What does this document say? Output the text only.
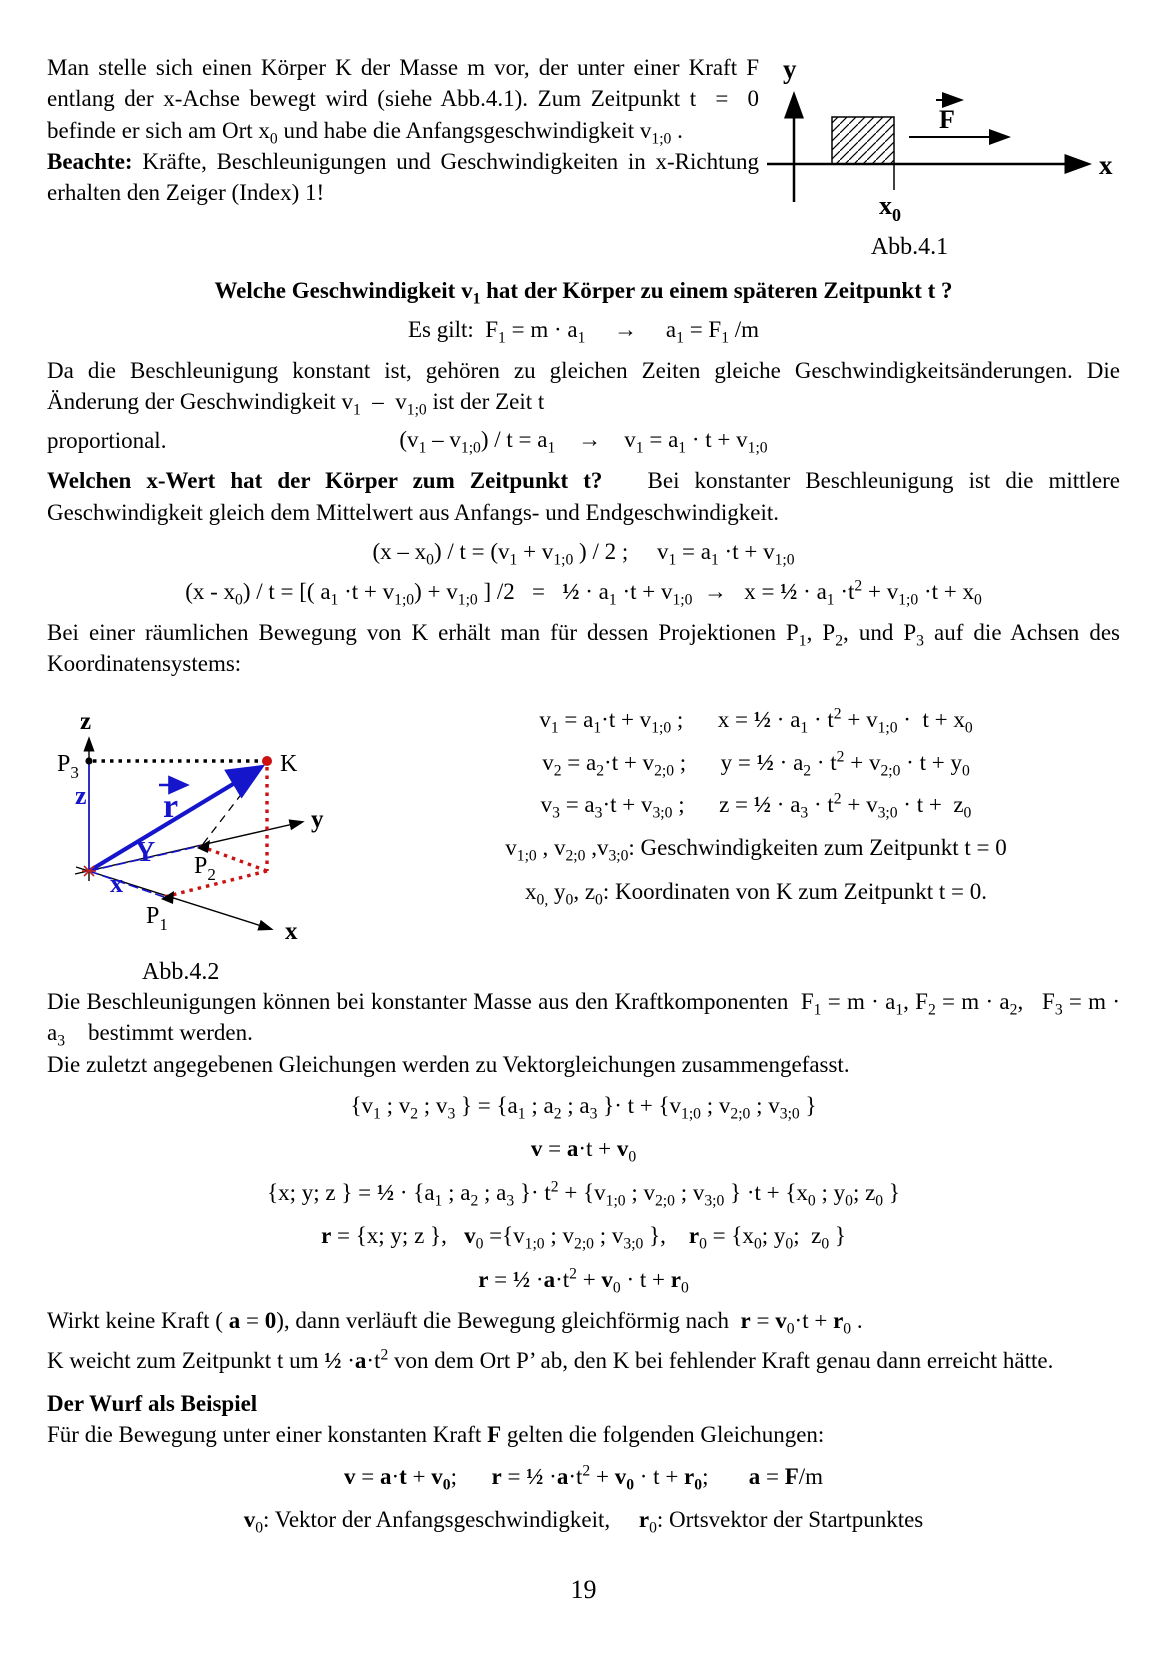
Man stelle sich einen Körper K der Masse m vor, der unter einer Kraft F entlang der x-Achse bewegt wird (siehe Abb.4.1). Zum Zeitpunkt t  =  0 befinde er sich am Ort $x_0$ und habe die Anfangsgeschwindigkeit $v_{1;0}$ .

Beachte: Kräfte, Beschleunigungen und Geschwindigkeiten in x-Richtung erhalten den Zeiger (Index) 1!

y
x
$x_0$
F
Abb.4.1

Welche Geschwindigkeit $v_1$ hat der Körper zu einem späteren Zeitpunkt t ?

Es gilt:  $F_1 = m \cdot a_1$     →     $a_1 = F_1$ /m

Da die Beschleunigung konstant ist, gehören zu gleichen Zeiten gleiche Geschwindigkeitsänderungen. Die Änderung der Geschwindigkeit $v_1 - v_{1;0}$ ist der Zeit t

proportional.	$(v_1 - v_{1;0}) / t = a_1$    →    $v_1 = a_1 \cdot t + v_{1;0}$

Welchen x-Wert hat der Körper zum Zeitpunkt t?   Bei konstanter Beschleunigung ist die mittlere Geschwindigkeit gleich dem Mittelwert aus Anfangs- und Endgeschwindigkeit.

$(x - x_0) / t = (v_1 + v_{1;0}$ ) / 2 ;     $v_1 = a_1 \cdot t + v_{1;0}$

$(x - x_0)$ / t = [( $a_1 \cdot t + v_{1;0}) + v_{1;0}$ ] /2   =   ½ · $a_1 \cdot t + v_{1;0} \to x$ = ½ · $a_1 \cdot t^2 + v_{1;0} \cdot t + x_0$

Bei einer räumlichen Bewegung von K erhält man für dessen Projektionen $P_1$, $P_2$, und $P_3$ auf die Achsen des Koordinatensystems:

z
y
x
K
$P_3$
$P_2$
$P_1$
z r
Y
x
Abb.4.2

$v_1 = a_1\cdot t + v_{1;0}$ ;      x = ½ · $a_1 \cdot t^2 + v_{1;0} \cdot t + x_0$

$v_2 = a_2\cdot t + v_{2;0}$ ;      y = ½ · $a_2 \cdot t^2 + v_{2;0} \cdot t + y_0$

$v_3 = a_3\cdot t + v_{3;0}$ ;      z = ½ · $a_3 \cdot t^2 + v_{3;0} \cdot t + z_0$

$v_{1;0}$ , $v_{2;0}$ $,v_{3;0}$: Geschwindigkeiten zum Zeitpunkt t = 0

$x_{0,}$ $y_0$, $z_0$: Koordinaten von K zum Zeitpunkt t = 0.

Die Beschleunigungen können bei konstanter Masse aus den Kraftkomponenten  $F_1 = m \cdot a_1$, $F_2 = m \cdot a_2$,   $F_3 = m \cdot a_3$    bestimmt werden.

Die zuletzt angegebenen Gleichungen werden zu Vektorgleichungen zusammengefasst.

{$v_1$ ; $v_2$ ; $v_3$ } = {$a_1$ ; $a_2$ ; $a_3$ }· $t + \{v_{1;0}$ ; $v_{2;0}$ ; $v_{3;0}$ }

$v = a\cdot t + v_0$

{x; y; z } = ½ · {$a_1$ ; $a_2$ ; $a_3$ }· $t^2 + \{v_{1;0}$ ; $v_{2;0}$ ; $v_{3;0}$ } $\cdot t + \{x_0$ ; $y_0$; $z_0$ }

r = {x; y; z },   $v_0 =\{v_{1;0}$ ; $v_{2;0}$ ; $v_{3;0}$ },    $r_0 = \{x_0$; $y_0$;  $z_0$ }

r = ½ $\cdot a\cdot t^2 + v_0 \cdot t + r_0$

Wirkt keine Kraft ( a = 0), dann verläuft die Bewegung gleichförmig nach  $r = v_0\cdot t + r_0$ .

K weicht zum Zeitpunkt t um ½ $\cdot a\cdot t^2$ von dem Ort P’ ab, den K bei fehlender Kraft genau dann erreicht hätte.

Der Wurf als Beispiel

Für die Bewegung unter einer konstanten Kraft F gelten die folgenden Gleichungen:

$v = a\cdot t + v_0$;      r = ½ $\cdot a\cdot t^2 + v_0 \cdot t + r_0$;       a = F/m

$v_0$: Vektor der Anfangsgeschwindigkeit,     $r_0$: Ortsvektor der Startpunktes

19
